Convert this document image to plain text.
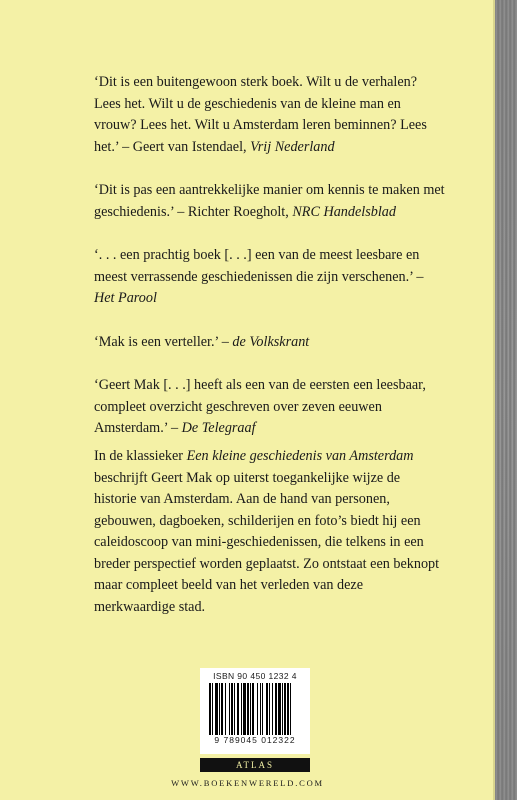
‘Dit is een buitengewoon sterk boek. Wilt u de verhalen? Lees het. Wilt u de geschiedenis van de kleine man en vrouw? Lees het. Wilt u Amsterdam leren beminnen? Lees het.’ – Geert van Istendael, Vrij Nederland

‘Dit is pas een aantrekkelijke manier om kennis te maken met geschiedenis.’ – Richter Roegholt, NRC Handelsblad

‘. . . een prachtig boek [. . .] een van de meest leesbare en meest verrassende geschiedenissen die zijn verschenen.’ – Het Parool

‘Mak is een verteller.’ – de Volkskrant

‘Geert Mak [. . .] heeft als een van de eersten een leesbaar, compleet overzicht geschreven over zeven eeuwen Amsterdam.’ – De Telegraaf

In de klassieker Een kleine geschiedenis van Amsterdam beschrijft Geert Mak op uiterst toegankelijke wijze de historie van Amsterdam. Aan de hand van personen, gebouwen, dagboeken, schilderijen en foto’s biedt hij een caleidoscoop van mini-geschiedenissen, die telkens in een breder perspectief worden geplaatst. Zo ontstaat een beknopt maar compleet beeld van het verleden van deze merkwaardige stad.

ISBN 90 450 1232 4

9 789045 012322

ATLAS
WWW.BOEKENWERELD.COM
